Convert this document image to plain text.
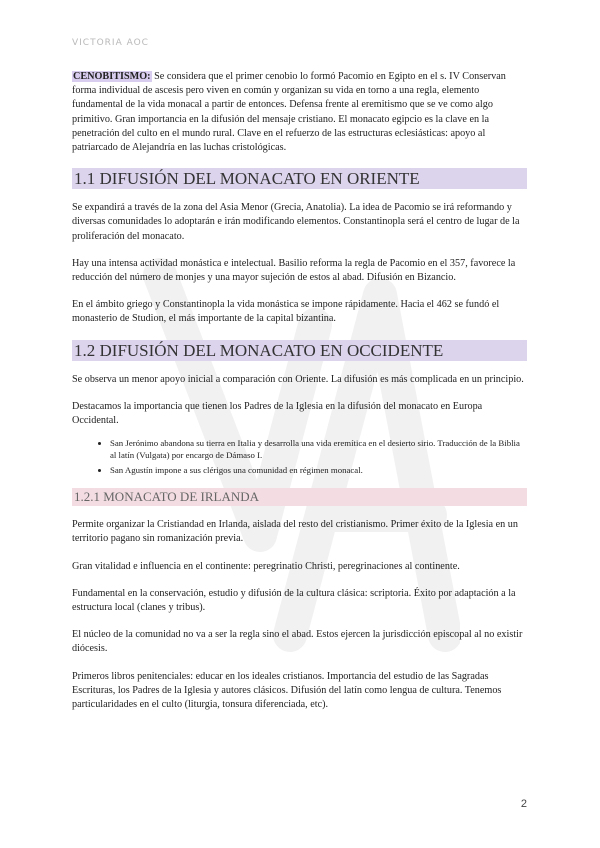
VICTORIA AOC

CENOBITISMO: Se considera que el primer cenobio lo formó Pacomio en Egipto en el s. IV Conservan forma individual de ascesis pero viven en común y organizan su vida en torno a una regla, elemento fundamental de la vida monacal a partir de entonces. Defensa frente al eremitismo que se ve como algo primitivo. Gran importancia en la difusión del mensaje cristiano. El monacato egipcio es la clave en la penetración del culto en el mundo rural. Clave en el refuerzo de las estructuras eclesiásticas: apoyo al patriarcado de Alejandría en las luchas cristológicas.

1.1 DIFUSIÓN DEL MONACATO EN ORIENTE

Se expandirá a través de la zona del Asia Menor (Grecia, Anatolia). La idea de Pacomio se irá reformando y diversas comunidades lo adoptarán e irán modificando elementos. Constantinopla será el centro de lugar de la proliferación del monacato.

Hay una intensa actividad monástica e intelectual. Basilio reforma la regla de Pacomio en el 357, favorece la reducción del número de monjes y una mayor sujeción de estos al abad. Difusión en Bizancio.

En el ámbito griego y Constantinopla la vida monástica se impone rápidamente. Hacia el 462 se fundó el monasterio de Studion, el más importante de la capital bizantina.

1.2 DIFUSIÓN DEL MONACATO EN OCCIDENTE

Se observa un menor apoyo inicial a comparación con Oriente. La difusión es más complicada en un principio.

Destacamos la importancia que tienen los Padres de la Iglesia en la difusión del monacato en Europa Occidental.

• San Jerónimo abandona su tierra en Italia y desarrolla una vida eremítica en el desierto sirio. Traducción de la Biblia al latín (Vulgata) por encargo de Dámaso I.
• San Agustín impone a sus clérigos una comunidad en régimen monacal.
1.2.1 MONACATO DE IRLANDA

Permite organizar la Cristiandad en Irlanda, aislada del resto del cristianismo. Primer éxito de la Iglesia en un territorio pagano sin romanización previa.

Gran vitalidad e influencia en el continente: peregrinatio Christi, peregrinaciones al continente.

Fundamental en la conservación, estudio y difusión de la cultura clásica: scriptoria. Éxito por adaptación a la estructura local (clanes y tribus).

El núcleo de la comunidad no va a ser la regla sino el abad. Estos ejercen la jurisdicción episcopal al no existir diócesis.

Primeros libros penitenciales: educar en los ideales cristianos. Importancia del estudio de las Sagradas Escrituras, los Padres de la Iglesia y autores clásicos. Difusión del latín como lengua de cultura. Tenemos particularidades en el culto (liturgia, tonsura diferenciada, etc).

2
